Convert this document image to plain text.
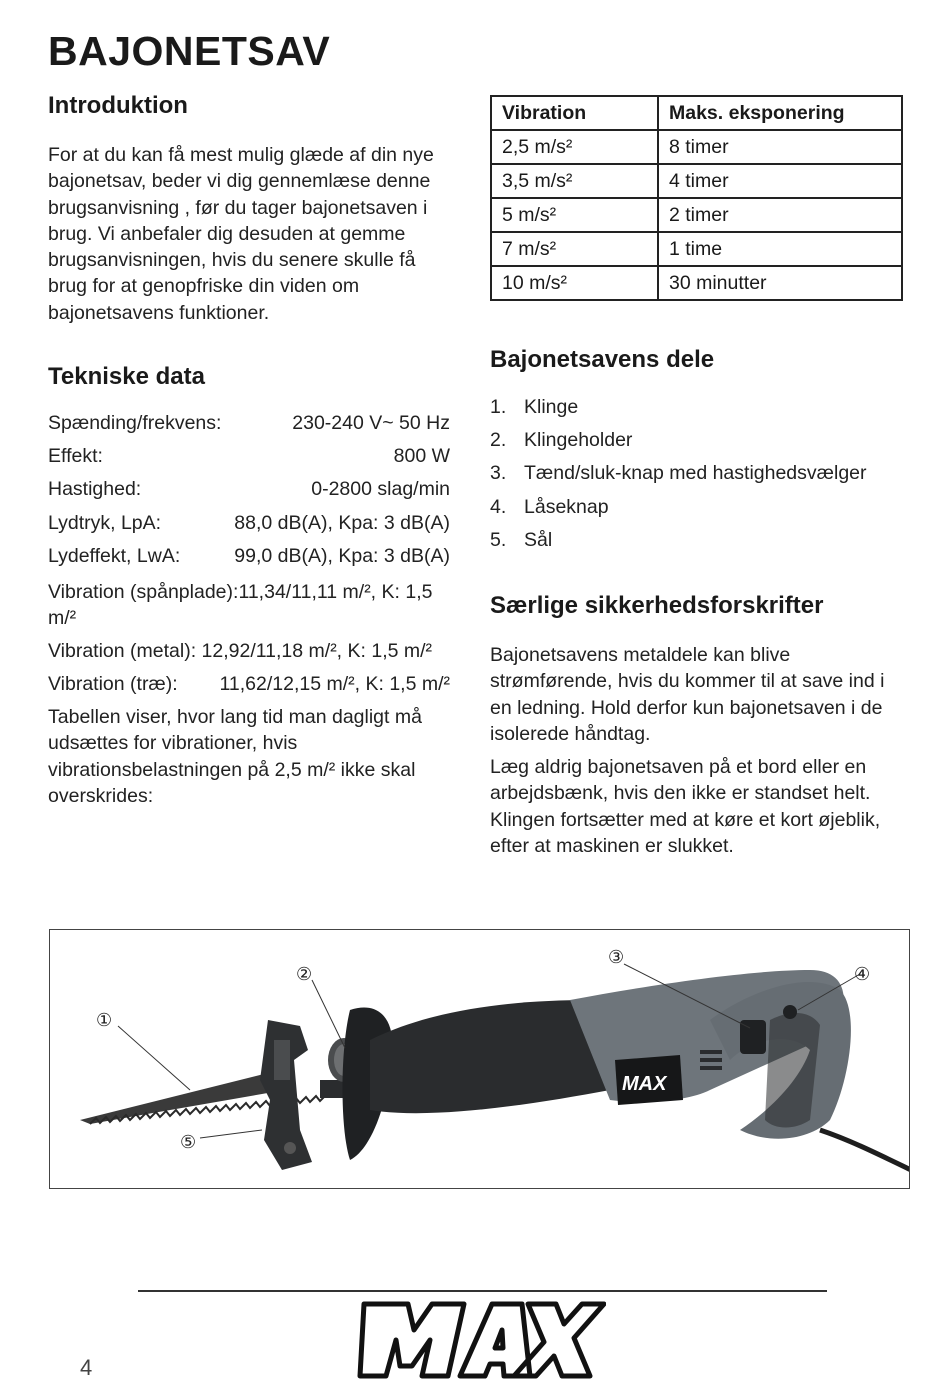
BAJONETSAV
Introduktion

For at du kan få mest mulig glæde af din nye bajonetsav, beder vi dig gennemlæse denne brugsanvisning , før du tager bajonetsaven i brug. Vi anbefaler dig desuden at gemme brugsanvisningen, hvis du senere skulle få brug for at genopfriske din viden om bajonetsavens funktioner.

Tekniske data
Spænding/frekvens:	230-240 V~ 50 Hz
Effekt:	800 W
Hastighed:	0-2800 slag/min
Lydtryk, LpA:	88,0 dB(A), Kpa: 3 dB(A)
Lydeffekt, LwA:	99,0 dB(A), Kpa: 3 dB(A)
Vibration (spånplade):11,34/11,11 m/², K: 1,5 m/²
Vibration (metal): 12,92/11,18 m/², K: 1,5 m/²
Vibration (træ): 11,62/12,15 m/², K: 1,5 m/²

Tabellen viser, hvor lang tid man dagligt må udsættes for vibrationer, hvis vibrationsbelastningen på 2,5 m/² ikke skal overskrides:

Vibration	Maks. eksponering
2,5 m/s²	8 timer
3,5 m/s²	4 timer
5 m/s²	2 timer
7 m/s²	1 time
10 m/s²	30 minutter
Bajonetsavens dele
1. Klinge
2. Klingeholder
3. Tænd/sluk-knap med hastighedsvælger
4. Låseknap
5. Sål
Særlige sikkerhedsforskrifter

Bajonetsavens metaldele kan blive strømførende, hvis du kommer til at save ind i en ledning. Hold derfor kun bajonetsaven i de isolerede håndtag.

Læg aldrig bajonetsaven på et bord eller en arbejdsbænk, hvis den ikke er standset helt. Klingen fortsætter med at køre et kort øjeblik, efter at maskinen er slukket.

MAX
①
②
③
④
⑤
4
